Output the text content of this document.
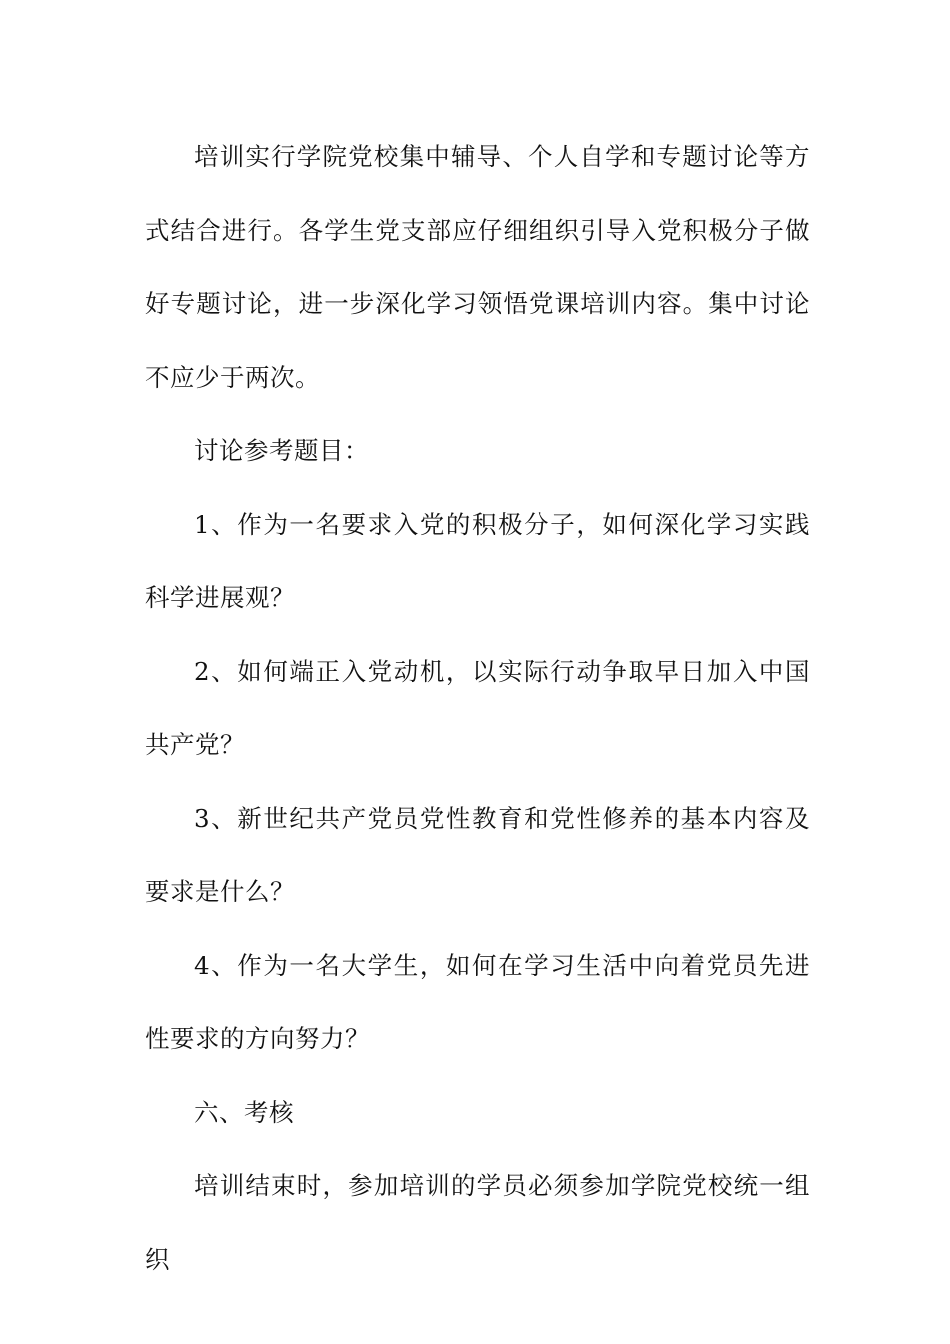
培训实行学院党校集中辅导、个人自学和专题讨论等方式结合进行。各学生党支部应仔细组织引导入党积极分子做好专题讨论，进一步深化学习领悟党课培训内容。集中讨论不应少于两次。

讨论参考题目：

1、作为一名要求入党的积极分子，如何深化学习实践科学进展观？

2、如何端正入党动机，以实际行动争取早日加入中国共产党？

3、新世纪共产党员党性教育和党性修养的基本内容及要求是什么？

4、作为一名大学生，如何在学习生活中向着党员先进性要求的方向努力？

六、考核

培训结束时，参加培训的学员必须参加学院党校统一组织
